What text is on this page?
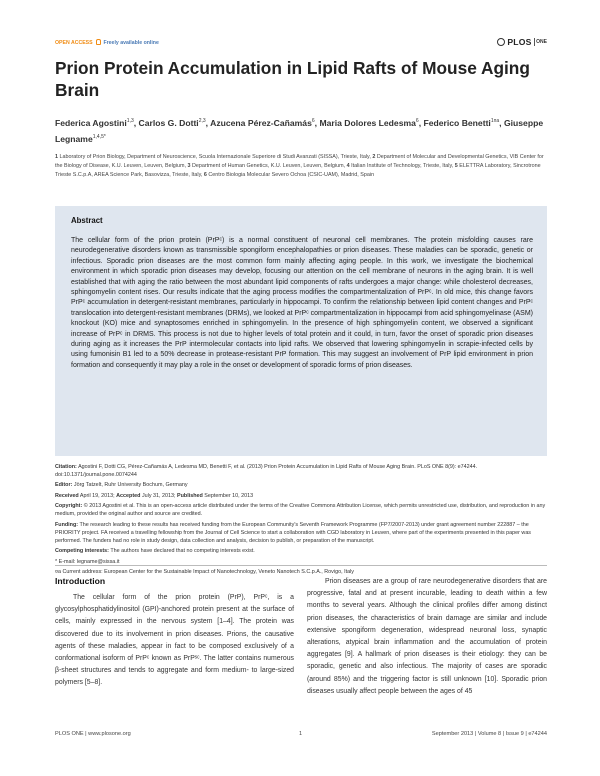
OPEN ACCESS Freely available online	PLOS ONE
Prion Protein Accumulation in Lipid Rafts of Mouse Aging Brain
Federica Agostini$^{1,3}$, Carlos G. Dotti$^{2,3}$, Azucena Pérez-Cañamás$^6$, Maria Dolores Ledesma$^6$, Federico Benetti$^{1¤a}$, Giuseppe Legname$^{1,4,5*}$
1 Laboratory of Prion Biology, Department of Neuroscience, Scuola Internazionale Superiore di Studi Avanzati (SISSA), Trieste, Italy, 2 Department of Molecular and Developmental Genetics, VIB Center for the Biology of Disease, K.U. Leuven, Leuven, Belgium, 3 Department of Human Genetics, K.U. Leuven, Leuven, Belgium, 4 Italian Institute of Technology, Trieste, Italy, 5 ELETTRA Laboratory, Sincrotrone Trieste S.C.p.A, AREA Science Park, Basovizza, Trieste, Italy, 6 Centro Biologia Molecular Severo Ochoa (CSIC-UAM), Madrid, Spain
Abstract
The cellular form of the prion protein (PrPᶜ) is a normal constituent of neuronal cell membranes. The protein misfolding causes rare neurodegenerative disorders known as transmissible spongiform encephalopathies or prion diseases. These maladies can be sporadic, genetic or infectious. Sporadic prion diseases are the most common form mainly affecting aging people. In this work, we investigate the biochemical environment in which sporadic prion diseases may develop, focusing our attention on the cell membrane of neurons in the aging brain. It is well established that with aging the ratio between the most abundant lipid components of rafts undergoes a major change: while cholesterol decreases, sphingomyelin content rises. Our results indicate that the aging process modifies the compartmentalization of PrPᶜ. In old mice, this change favors PrPᶜ accumulation in detergent-resistant membranes, particularly in hippocampi. To confirm the relationship between lipid content changes and PrPᶜ translocation into detergent-resistant membranes (DRMs), we looked at PrPᶜ compartmentalization in hippocampi from acid sphingomyelinase (ASM) knockout (KO) mice and synaptosomes enriched in sphingomyelin. In the presence of high sphingomyelin content, we observed a significant increase of PrPᶜ in DRMS. This process is not due to higher levels of total protein and it could, in turn, favor the onset of sporadic prion diseases during aging as it increases the PrP intermolecular contacts into lipid rafts. We observed that lowering sphingomyelin in scrapie-infected cells by using fumonisin B1 led to a 50% decrease in protease-resistant PrP formation. This may suggest an involvement of PrP lipid environment in prion formation and consequently it may play a role in the onset or development of sporadic forms of prion diseases.

Citation: Agostini F, Dotti CG, Pérez-Cañamás A, Ledesma MD, Benetti F, et al. (2013) Prion Protein Accumulation in Lipid Rafts of Mouse Aging Brain. PLoS ONE 8(9): e74244. doi:10.1371/journal.pone.0074244

Editor: Jörg Tatzelt, Ruhr University Bochum, Germany

Received April 19, 2013; Accepted July 31, 2013; Published September 10, 2013

Copyright: © 2013 Agostini et al. This is an open-access article distributed under the terms of the Creative Commons Attribution License, which permits unrestricted use, distribution, and reproduction in any medium, provided the original author and source are credited.

Funding: The research leading to these results has received funding from the European Community's Seventh Framework Programme (FP7/2007-2013) under grant agreement number 222887 – the PRIORITY project. FA received a travelling fellowship from the Journal of Cell Science to start a collaboration with CGD laboratory in Leuven, where part of the experiments presented in this paper was performed. The funders had no role in study design, data collection and analysis, decision to publish, or preparation of the manuscript.

Competing interests: The authors have declared that no competing interests exist.

* E-mail: legname@sissa.it

¤a Current address: European Center for the Sustainable Impact of Nanotechnology, Veneto Nanotech S.C.p.A., Rovigo, Italy

Introduction

The cellular form of the prion protein (PrP), PrPᶜ, is a glycosylphosphatidylinositol (GPI)-anchored protein present at the surface of cells, mainly expressed in the nervous system [1–4]. The protein was discovered due to its involvement in prion diseases. Prions, the causative agents of these maladies, appear in fact to be composed exclusively of a conformational isoform of PrPᶜ known as PrPˢᶜ. The latter contains numerous β-sheet structures and tends to aggregate and form medium- to large-sized polymers [5–8].

Prion diseases are a group of rare neurodegenerative disorders that are progressive, fatal and at present incurable, leading to death within a few months to several years. Although the clinical profiles differ among distinct prion diseases, the characteristics of brain damage are similar and include extensive spongiform degeneration, widespread neuronal loss, synaptic alterations, atypical brain inflammation and the accumulation of protein aggregates [9]. A hallmark of prion diseases is their etiology: they can be sporadic, genetic and also infectious. The majority of cases are sporadic (around 85%) and the triggering factor is still unknown [10]. Sporadic prion diseases usually affect people between the ages of 45

PLOS ONE | www.plosone.org	1	September 2013 | Volume 8 | Issue 9 | e74244
